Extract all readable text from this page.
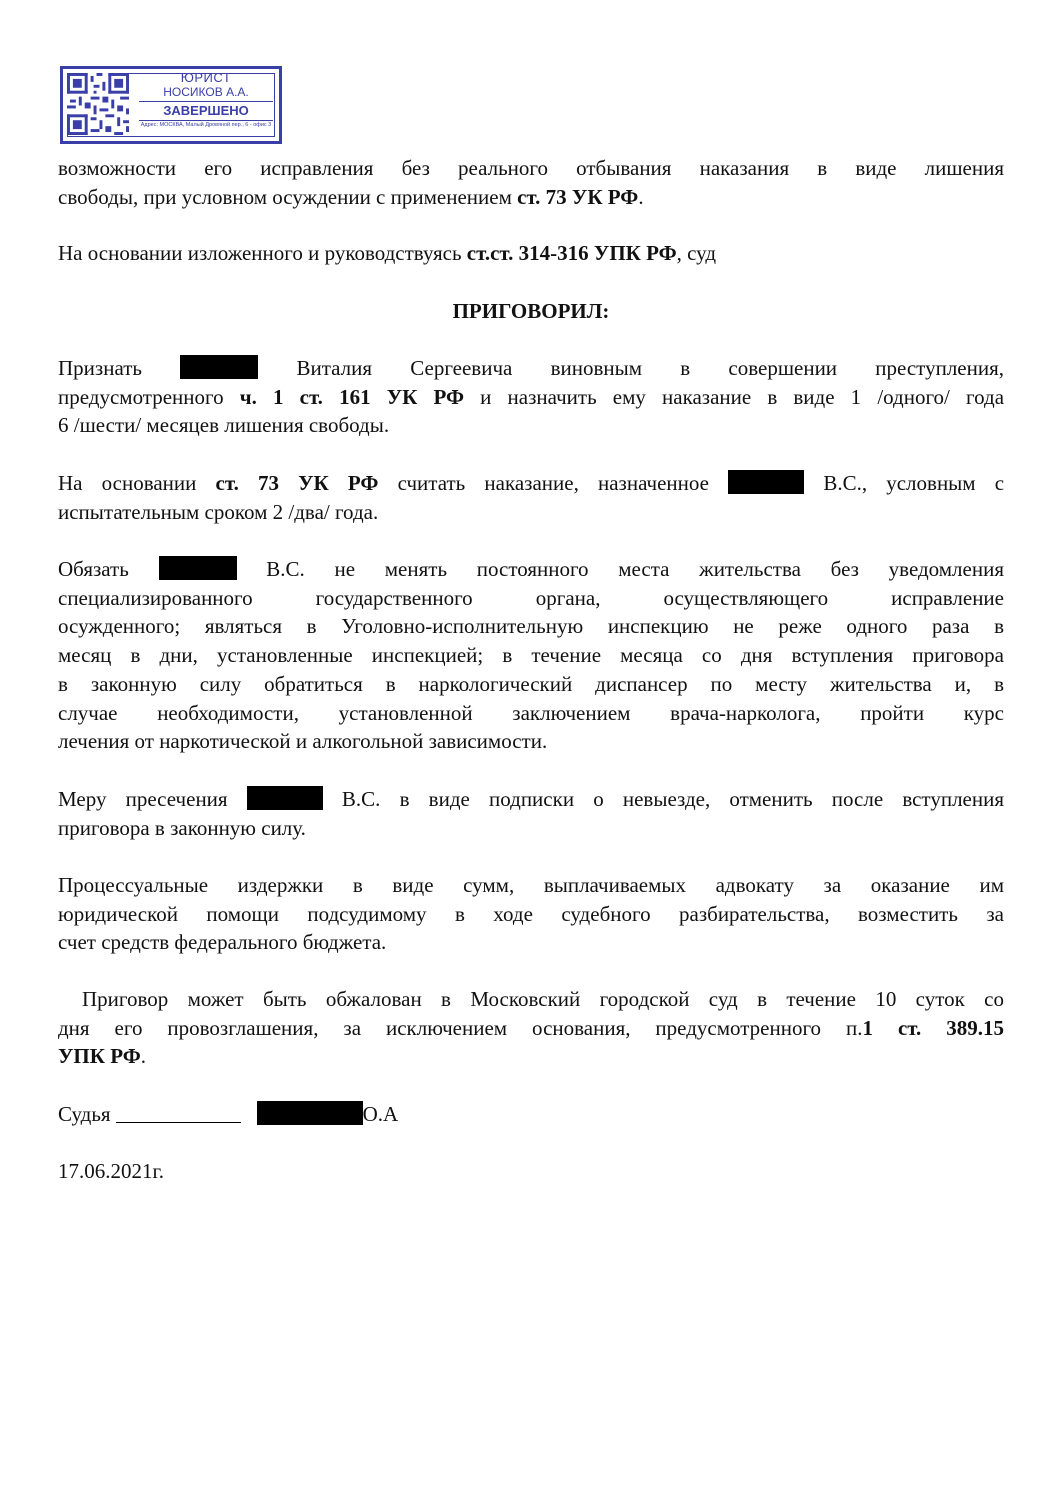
ЮРИСТ
НОСИКОВ А.А.
ЗАВЕРШЕНО
Адрес: МОСКВА, Малый Дровяной пер., 6 - офис 3

возможности его исправления без реального отбывания наказания в виде лишения

свободы, при условном осуждении с применением ст. 73 УК РФ.

На основании изложенного и руководствуясь ст.ст. 314-316 УПК РФ, суд

ПРИГОВОРИЛ:

Признать	Виталия Сергеевича виновным в совершении преступления,

предусмотренного ч. 1 ст. 161 УК РФ и назначить ему наказание в виде 1 /одного/ года

6 /шести/ месяцев лишения свободы.

На основании ст. 73 УК РФ считать наказание, назначенное	В.С., условным с

испытательным сроком 2 /два/ года.

Обязать	В.С. не менять постоянного места жительства без уведомления

специализированного государственного органа, осуществляющего исправление

осужденного; являться в Уголовно-исполнительную инспекцию не реже одного раза в

месяц в дни, установленные инспекцией; в течение месяца со дня вступления приговора

в законную силу обратиться в наркологический диспансер по месту жительства и, в

случае необходимости, установленной заключением врача-нарколога, пройти курс

лечения от наркотической и алкогольной зависимости.

Меру пресечения	В.С. в виде подписки о невыезде, отменить после вступления

приговора в законную силу.

Процессуальные издержки в виде сумм, выплачиваемых адвокату за оказание им

юридической помощи подсудимому в ходе судебного разбирательства, возместить за

счет средств федерального бюджета.

Приговор может быть обжалован в Московский городской суд в течение 10 суток со

дня его провозглашения, за исключением основания, предусмотренного п.1 ст. 389.15

УПК РФ.

Судья	О.А

17.06.2021г.
